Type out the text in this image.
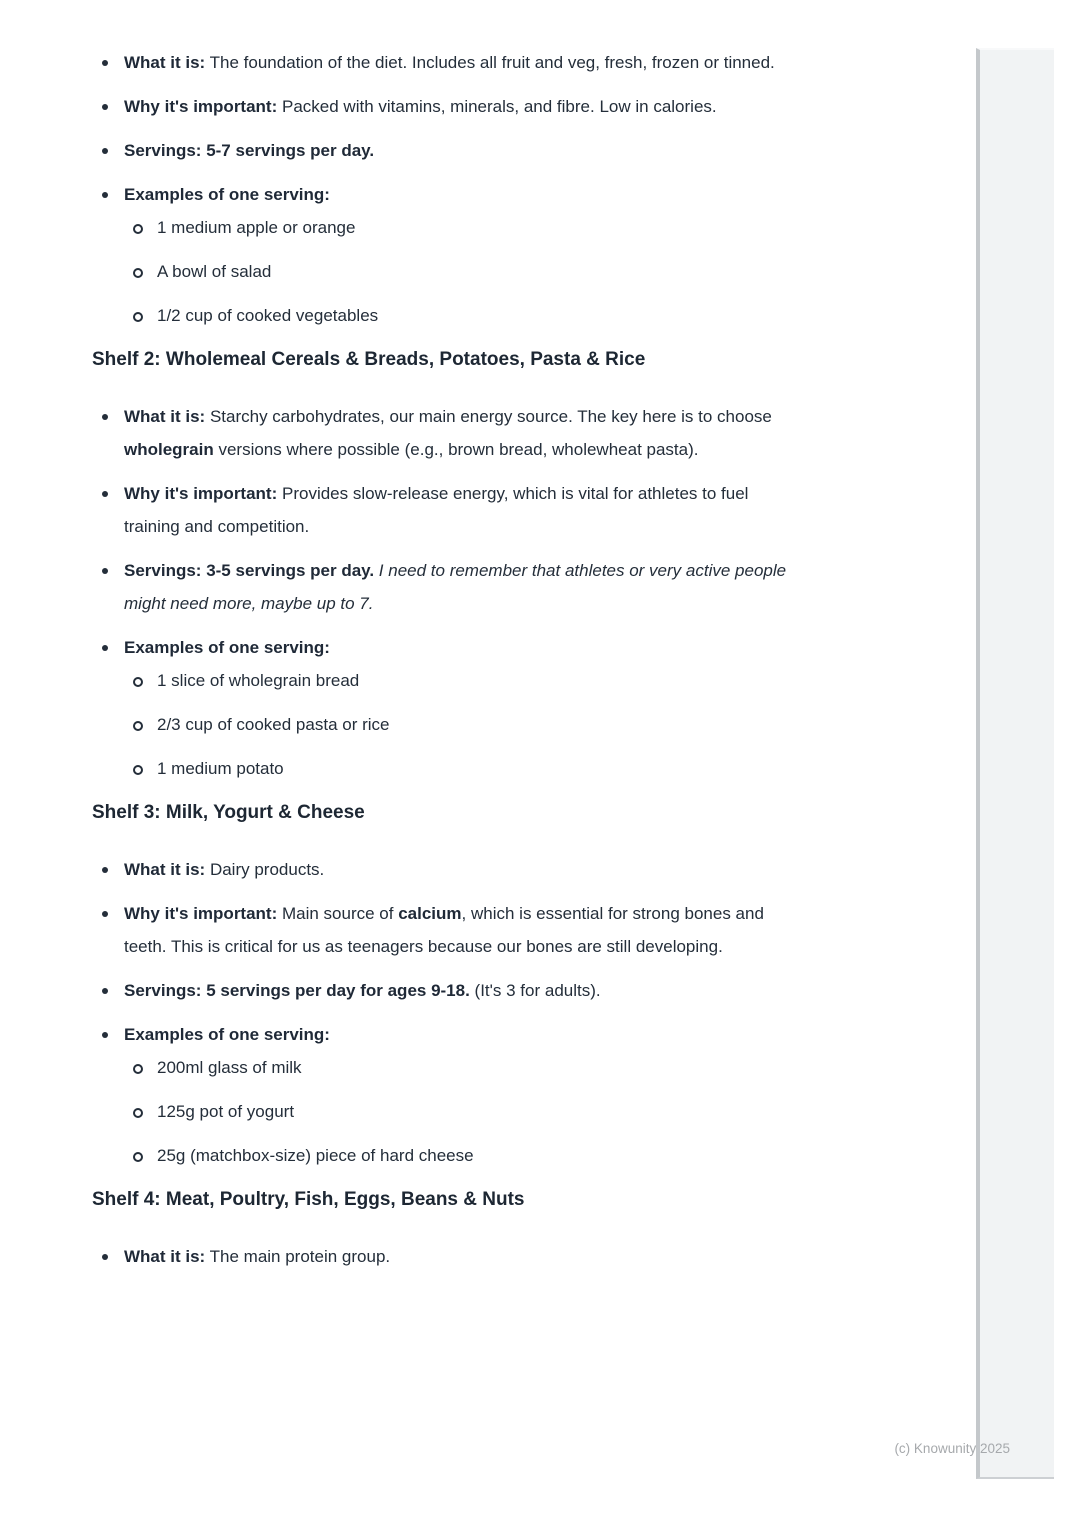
What it is: The foundation of the diet. Includes all fruit and veg, fresh, frozen or tinned.
Why it's important: Packed with vitamins, minerals, and fibre. Low in calories.
Servings: 5-7 servings per day.
Examples of one serving:
1 medium apple or orange
A bowl of salad
1/2 cup of cooked vegetables
Shelf 2: Wholemeal Cereals & Breads, Potatoes, Pasta & Rice
What it is: Starchy carbohydrates, our main energy source. The key here is to choose wholegrain versions where possible (e.g., brown bread, wholewheat pasta).
Why it's important: Provides slow-release energy, which is vital for athletes to fuel training and competition.
Servings: 3-5 servings per day. I need to remember that athletes or very active people might need more, maybe up to 7.
Examples of one serving:
1 slice of wholegrain bread
2/3 cup of cooked pasta or rice
1 medium potato
Shelf 3: Milk, Yogurt & Cheese
What it is: Dairy products.
Why it's important: Main source of calcium, which is essential for strong bones and teeth. This is critical for us as teenagers because our bones are still developing.
Servings: 5 servings per day for ages 9-18. (It's 3 for adults).
Examples of one serving:
200ml glass of milk
125g pot of yogurt
25g (matchbox-size) piece of hard cheese
Shelf 4: Meat, Poultry, Fish, Eggs, Beans & Nuts
What it is: The main protein group.
(c) Knowunity 2025
